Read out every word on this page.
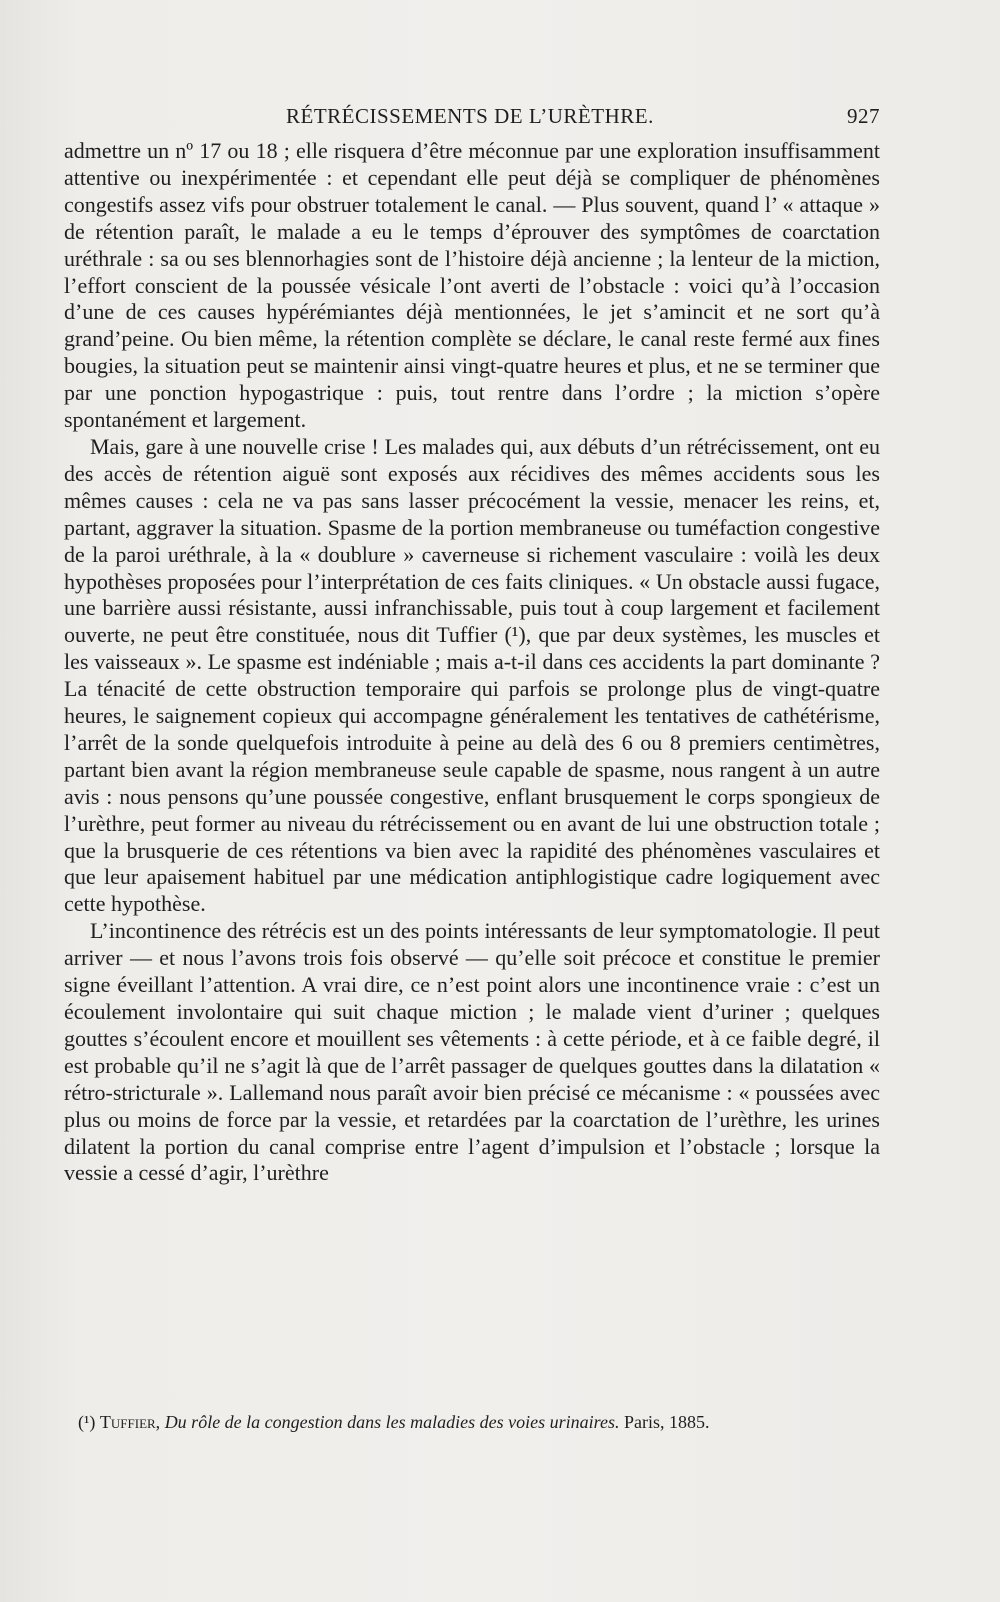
RÉTRÉCISSEMENTS DE L’URÈTHRE.	927

admettre un nº 17 ou 18 ; elle risquera d’être méconnue par une exploration insuffisamment attentive ou inexpérimentée : et cependant elle peut déjà se compliquer de phénomènes congestifs assez vifs pour obstruer totalement le canal. — Plus souvent, quand l’ « attaque » de rétention paraît, le malade a eu le temps d’éprouver des symptômes de coarctation uréthrale : sa ou ses blennorhagies sont de l’histoire déjà ancienne ; la lenteur de la miction, l’effort conscient de la poussée vésicale l’ont averti de l’obstacle : voici qu’à l’occasion d’une de ces causes hypérémiantes déjà mentionnées, le jet s’amincit et ne sort qu’à grand’peine. Ou bien même, la rétention complète se déclare, le canal reste fermé aux fines bougies, la situation peut se maintenir ainsi vingt-quatre heures et plus, et ne se terminer que par une ponction hypogastrique : puis, tout rentre dans l’ordre ; la miction s’opère spontanément et largement.

Mais, gare à une nouvelle crise ! Les malades qui, aux débuts d’un rétrécissement, ont eu des accès de rétention aiguë sont exposés aux récidives des mêmes accidents sous les mêmes causes : cela ne va pas sans lasser précocément la vessie, menacer les reins, et, partant, aggraver la situation. Spasme de la portion membraneuse ou tuméfaction congestive de la paroi uréthrale, à la « doublure » caverneuse si richement vasculaire : voilà les deux hypothèses proposées pour l’interprétation de ces faits cliniques. « Un obstacle aussi fugace, une barrière aussi résistante, aussi infranchissable, puis tout à coup largement et facilement ouverte, ne peut être constituée, nous dit Tuffier (¹), que par deux systèmes, les muscles et les vaisseaux ». Le spasme est indéniable ; mais a-t-il dans ces accidents la part dominante ? La ténacité de cette obstruction temporaire qui parfois se prolonge plus de vingt-quatre heures, le saignement copieux qui accompagne généralement les tentatives de cathétérisme, l’arrêt de la sonde quelquefois introduite à peine au delà des 6 ou 8 premiers centimètres, partant bien avant la région membraneuse seule capable de spasme, nous rangent à un autre avis : nous pensons qu’une poussée congestive, enflant brusquement le corps spongieux de l’urèthre, peut former au niveau du rétrécissement ou en avant de lui une obstruction totale ; que la brusquerie de ces rétentions va bien avec la rapidité des phénomènes vasculaires et que leur apaisement habituel par une médication antiphlogistique cadre logiquement avec cette hypothèse.

L’incontinence des rétrécis est un des points intéressants de leur symptomatologie. Il peut arriver — et nous l’avons trois fois observé — qu’elle soit précoce et constitue le premier signe éveillant l’attention. A vrai dire, ce n’est point alors une incontinence vraie : c’est un écoulement involontaire qui suit chaque miction ; le malade vient d’uriner ; quelques gouttes s’écoulent encore et mouillent ses vêtements : à cette période, et à ce faible degré, il est probable qu’il ne s’agit là que de l’arrêt passager de quelques gouttes dans la dilatation « rétro-stricturale ». Lallemand nous paraît avoir bien précisé ce mécanisme : « poussées avec plus ou moins de force par la vessie, et retardées par la coarctation de l’urèthre, les urines dilatent la portion du canal comprise entre l’agent d’impulsion et l’obstacle ; lorsque la vessie a cessé d’agir, l’urèthre

(¹) Tuffier, Du rôle de la congestion dans les maladies des voies urinaires. Paris, 1885.
